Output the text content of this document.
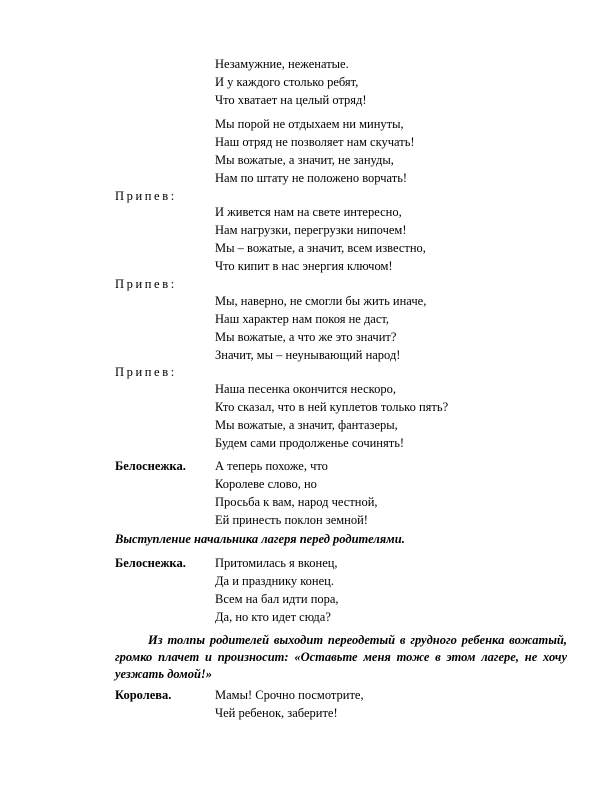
Незамужние, неженатые.
И у каждого столько ребят,
Что хватает на целый отряд!
Мы порой не отдыхаем ни минуты,
Наш отряд не позволяет нам скучать!
Мы вожатые, а значит, не зануды,
Нам по штату не положено ворчать!
Припев:
И живется нам на свете интересно,
Нам нагрузки, перегрузки нипочем!
Мы – вожатые, а значит, всем известно,
Что кипит в нас энергия ключом!
Припев:
Мы, наверно, не смогли бы жить иначе,
Наш характер нам покоя не даст,
Мы вожатые, а что же это значит?
Значит, мы – неунывающий народ!
Припев:
Наша песенка окончится нескоро,
Кто сказал, что в ней куплетов только пять?
Мы вожатые, а значит, фантазеры,
Будем сами продолженье сочинять!
Белоснежка. А теперь похоже, что
Королеве слово, но
Просьба к вам, народ честной,
Ей принесть поклон земной!
Выступление начальника лагеря перед родителями.
Белоснежка. Притомилась я вконец,
Да и празднику конец.
Всем на бал идти пора,
Да, но кто идет сюда?
Из толпы родителей выходит переодетый в грудного ребенка вожатый, громко плачет и произносит: «Оставьте меня тоже в этом лагере, не хочу уезжать домой!»
Королева.	Мамы! Срочно посмотрите,
Чей ребенок, заберите!
